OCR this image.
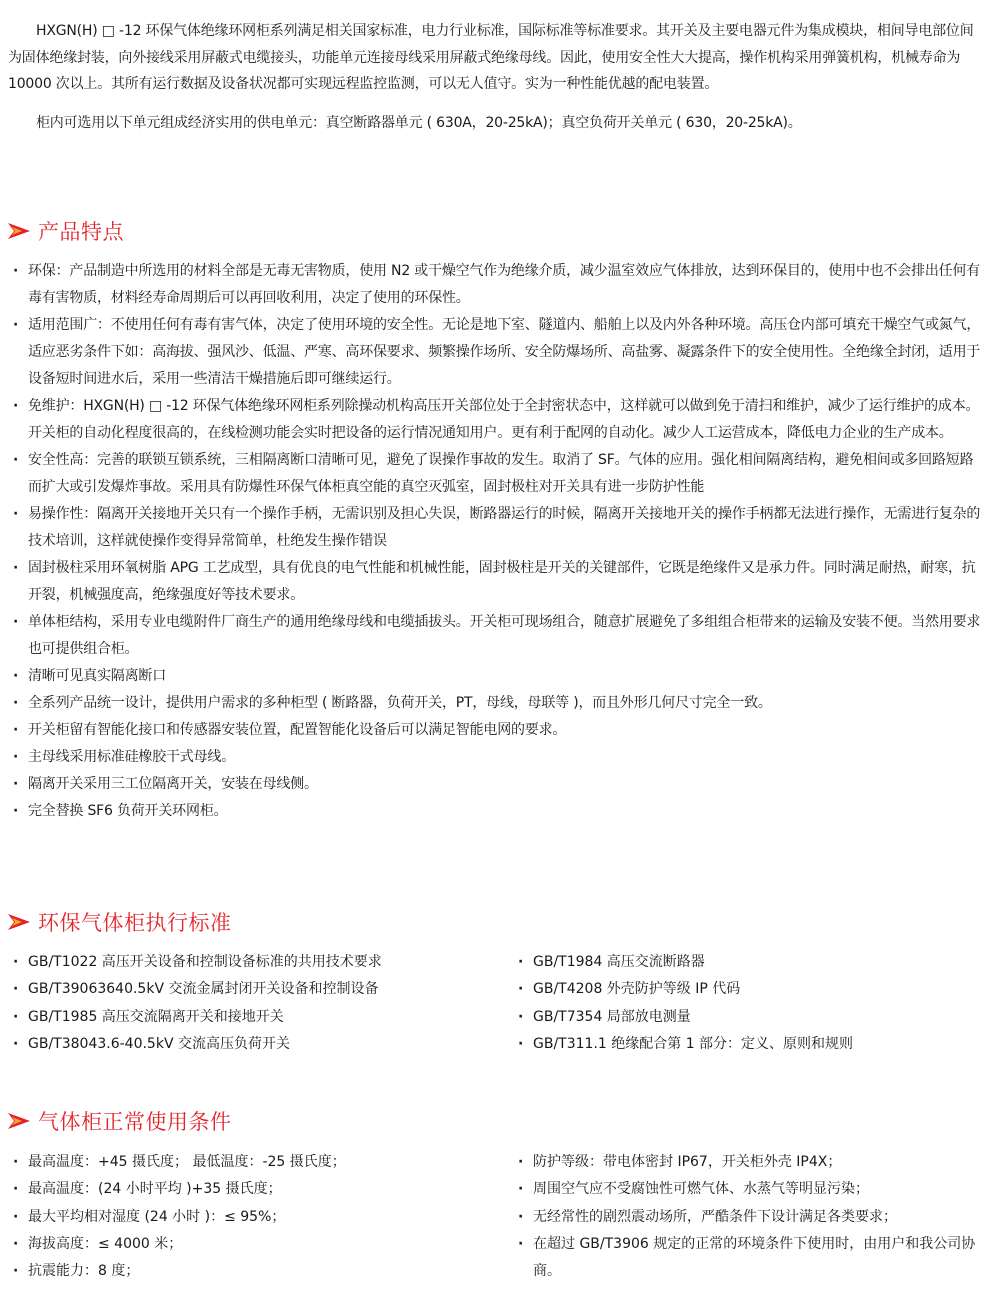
HXGN(H) □ -12 环保气体绝缘环网柜系列满足相关国家标准，电力行业标准，国际标准等标准要求。其开关及主要电器元件为集成模块，相间导电部位间为固体绝缘封装，向外接线采用屏蔽式电缆接头，功能单元连接母线采用屏蔽式绝缘母线。因此，使用安全性大大提高，操作机构采用弹簧机构，机械寿命为 10000 次以上。其所有运行数据及设备状况都可实现远程监控监测，可以无人值守。实为一种性能优越的配电装置。

柜内可选用以下单元组成经济实用的供电单元：真空断路器单元 ( 630A，20-25kA)；真空负荷开关单元 ( 630，20-25kA)。

产品特点
· 环保：产品制造中所选用的材料全部是无毒无害物质，使用 N2 或干燥空气作为绝缘介质，减少温室效应气体排放，达到环保目的，使用中也不会排出任何有毒有害物质，材料经寿命周期后可以再回收利用，决定了使用的环保性。
· 适用范围广：不使用任何有毒有害气体，决定了使用环境的安全性。无论是地下室、隧道内、船舶上以及内外各种环境。高压仓内部可填充干燥空气或氮气，适应恶劣条件下如：高海拔、强风沙、低温、严寒、高环保要求、频繁操作场所、安全防爆场所、高盐雾、凝露条件下的安全使用性。全绝缘全封闭，适用于设备短时间进水后，采用一些清洁干燥措施后即可继续运行。
· 免维护：HXGN(H) □ -12 环保气体绝缘环网柜系列除操动机构高压开关部位处于全封密状态中，这样就可以做到免于清扫和维护，减少了运行维护的成本。开关柜的自动化程度很高的，在线检测功能会实时把设备的运行情况通知用户。更有利于配网的自动化。减少人工运营成本，降低电力企业的生产成本。
· 安全性高：完善的联锁互锁系统，三相隔离断口清晰可见，避免了误操作事故的发生。取消了 SF。气体的应用。强化相间隔离结构，避免相间或多回路短路而扩大或引发爆炸事故。采用具有防爆性环保气体柜真空能的真空灭弧室，固封极柱对开关具有进一步防护性能
· 易操作性：隔离开关接地开关只有一个操作手柄，无需识别及担心失误，断路器运行的时候，隔离开关接地开关的操作手柄都无法进行操作，无需进行复杂的技术培训，这样就使操作变得异常简单，杜绝发生操作错误
· 固封极柱采用环氧树脂 APG 工艺成型，具有优良的电气性能和机械性能，固封极柱是开关的关键部件，它既是绝缘件又是承力件。同时满足耐热，耐寒，抗开裂，机械强度高，绝缘强度好等技术要求。
· 单体柜结构，采用专业电缆附件厂商生产的通用绝缘母线和电缆插拔头。开关柜可现场组合，随意扩展避免了多组组合柜带来的运输及安装不便。当然用要求也可提供组合柜。
· 清晰可见真实隔离断口
· 全系列产品统一设计，提供用户需求的多种柜型 ( 断路器，负荷开关，PT，母线，母联等 )，而且外形几何尺寸完全一致。
· 开关柜留有智能化接口和传感器安装位置，配置智能化设备后可以满足智能电网的要求。
· 主母线采用标准硅橡胶干式母线。
· 隔离开关采用三工位隔离开关，安装在母线侧。
· 完全替换 SF6 负荷开关环网柜。
环保气体柜执行标准
· GB/T1022 高压开关设备和控制设备标准的共用技术要求
· GB/T39063640.5kV 交流金属封闭开关设备和控制设备
· GB/T1985 高压交流隔离开关和接地开关
· GB/T38043.6-40.5kV 交流高压负荷开关
· GB/T1984 高压交流断路器
· GB/T4208 外壳防护等级 IP 代码
· GB/T7354 局部放电测量
· GB/T311.1 绝缘配合第 1 部分：定义、原则和规则
气体柜正常使用条件
· 最高温度：+45 摄氏度； 最低温度：-25 摄氏度；
· 最高温度：(24 小时平均 )+35 摄氏度；
· 最大平均相对湿度 (24 小时 )：≤ 95%；
· 海拔高度：≤ 4000 米；
· 抗震能力：8 度；
· 防护等级：带电体密封 IP67，开关柜外壳 IP4X；
· 周围空气应不受腐蚀性可燃气体、水蒸气等明显污染；
· 无经常性的剧烈震动场所，严酷条件下设计满足各类要求；
· 在超过 GB/T3906 规定的正常的环境条件下使用时，由用户和我公司协商。
